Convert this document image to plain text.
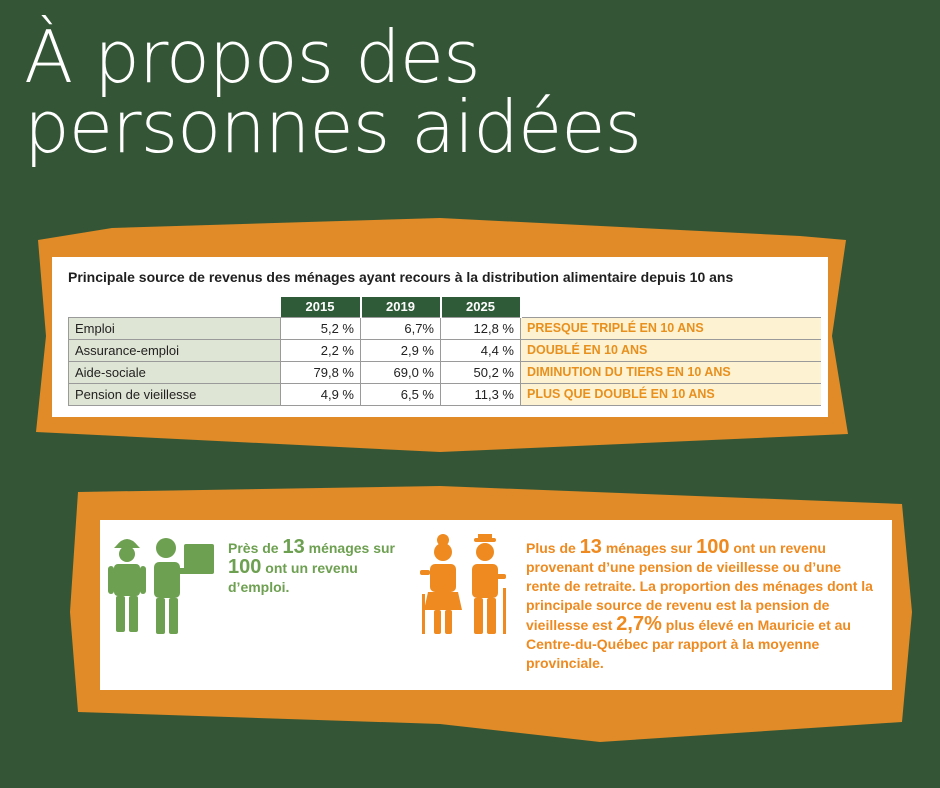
À propos des
personnes aidées
Principale source de revenus des ménages ayant recours à la distribution alimentaire depuis 10 ans
	2015	2019	2025	
Emploi	5,2 %	6,7%	12,8 %	PRESQUE TRIPLÉ EN 10 ANS
Assurance-emploi	2,2 %	2,9 %	4,4 %	DOUBLÉ EN 10 ANS
Aide-sociale	79,8 %	69,0 %	50,2 %	DIMINUTION DU TIERS EN 10 ANS
Pension de vieillesse	4,9 %	6,5 %	11,3 %	PLUS QUE DOUBLÉ EN 10 ANS
Près de 13 ménages sur 100 ont un revenu d’emploi.
Plus de 13 ménages sur 100 ont un revenu provenant d’une pension de vieillesse ou d’une rente de retraite. La proportion des ménages dont la principale source de revenu est la pension de vieillesse est 2,7% plus élevé en Mauricie et au Centre-du-Québec par rapport à la moyenne provinciale.
